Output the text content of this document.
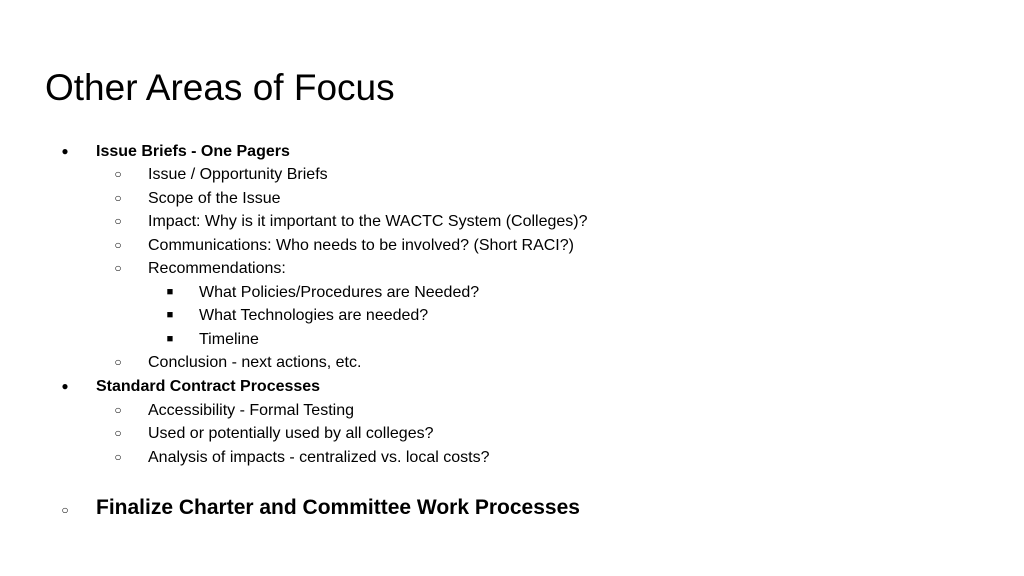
Other Areas of Focus
● Issue Briefs - One Pagers
○ Issue / Opportunity Briefs
○ Scope of the Issue
○ Impact: Why is it important to the WACTC System (Colleges)?
○ Communications: Who needs to be involved? (Short RACI?)
○ Recommendations:
■ What Policies/Procedures are Needed?
■ What Technologies are needed?
■ Timeline
○ Conclusion - next actions, etc.
● Standard Contract Processes
○ Accessibility - Formal Testing
○ Used or potentially used by all colleges?
○ Analysis of impacts - centralized vs. local costs?
○ Finalize Charter and Committee Work Processes
